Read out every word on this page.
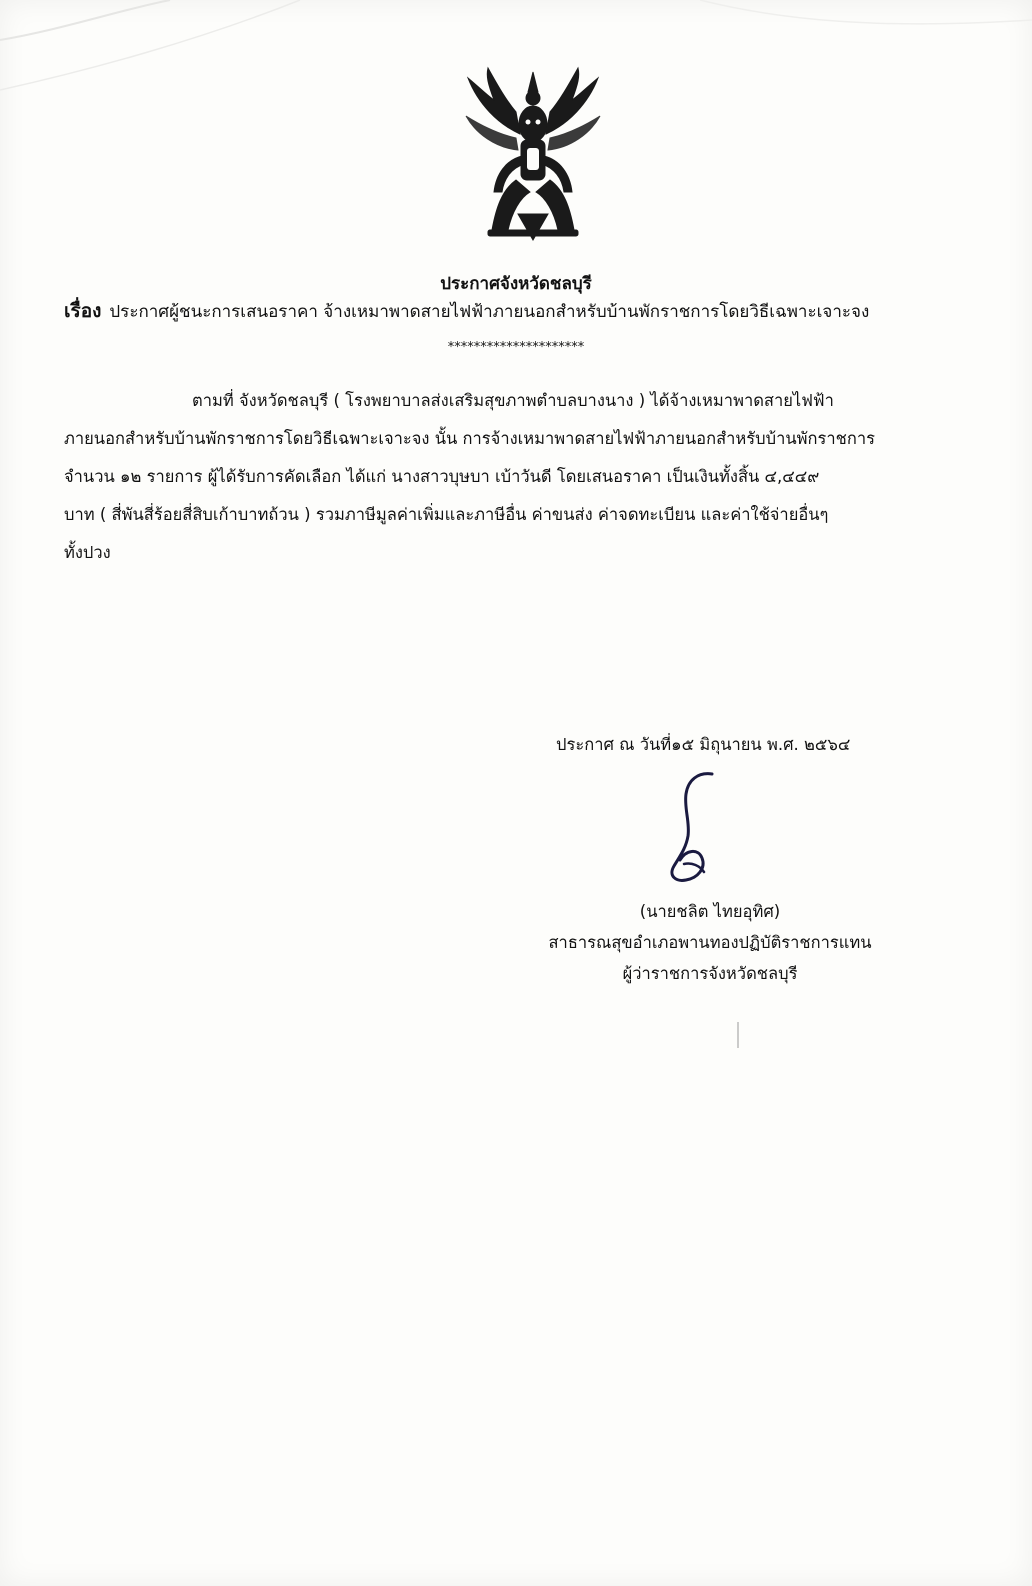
ประกาศจังหวัดชลบุรี
เรื่อง ประกาศผู้ชนะการเสนอราคา จ้างเหมาพาดสายไฟฟ้าภายนอกสำหรับบ้านพักราชการโดยวิธีเฉพาะเจาะจง
*********************
ตามที่ จังหวัดชลบุรี ( โรงพยาบาลส่งเสริมสุขภาพตำบลบางนาง ) ได้จ้างเหมาพาดสายไฟฟ้า
ภายนอกสำหรับบ้านพักราชการโดยวิธีเฉพาะเจาะจง นั้น การจ้างเหมาพาดสายไฟฟ้าภายนอกสำหรับบ้านพักราชการ
จำนวน ๑๒ รายการ ผู้ได้รับการคัดเลือก ได้แก่ นางสาวบุษบา เบ้าวันดี โดยเสนอราคา เป็นเงินทั้งสิ้น ๔,๔๔๙
บาท ( สี่พันสี่ร้อยสี่สิบเก้าบาทถ้วน ) รวมภาษีมูลค่าเพิ่มและภาษีอื่น ค่าขนส่ง ค่าจดทะเบียน และค่าใช้จ่ายอื่นๆ
ทั้งปวง
ประกาศ ณ วันที่๑๕ มิถุนายน พ.ศ. ๒๕๖๔
(นายชลิต ไทยอุทิศ)
สาธารณสุขอำเภอพานทองปฏิบัติราชการแทน
ผู้ว่าราชการจังหวัดชลบุรี
